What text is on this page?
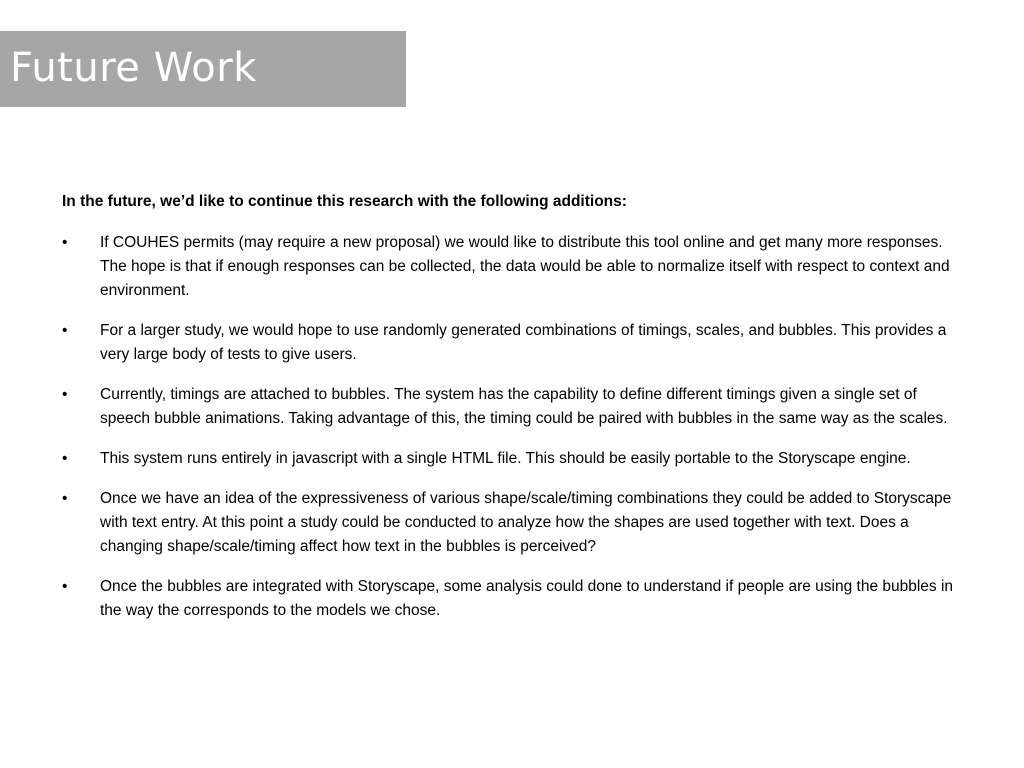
Future Work

In the future, we’d like to continue this research with the following additions:

• If COUHES permits (may require a new proposal) we would like to distribute this tool online and get many more responses. The hope is that if enough responses can be collected, the data would be able to normalize itself with respect to context and environment.
• For a larger study, we would hope to use randomly generated combinations of timings, scales, and bubbles. This provides a very large body of tests to give users.
• Currently, timings are attached to bubbles. The system has the capability to define different timings given a single set of speech bubble animations. Taking advantage of this, the timing could be paired with bubbles in the same way as the scales.
• This system runs entirely in javascript with a single HTML file. This should be easily portable to the Storyscape engine.
• Once we have an idea of the expressiveness of various shape/scale/timing combinations they could be added to Storyscape with text entry. At this point a study could be conducted to analyze how the shapes are used together with text. Does a changing shape/scale/timing affect how text in the bubbles is perceived?
• Once the bubbles are integrated with Storyscape, some analysis could done to understand if people are using the bubbles in the way the corresponds to the models we chose.
